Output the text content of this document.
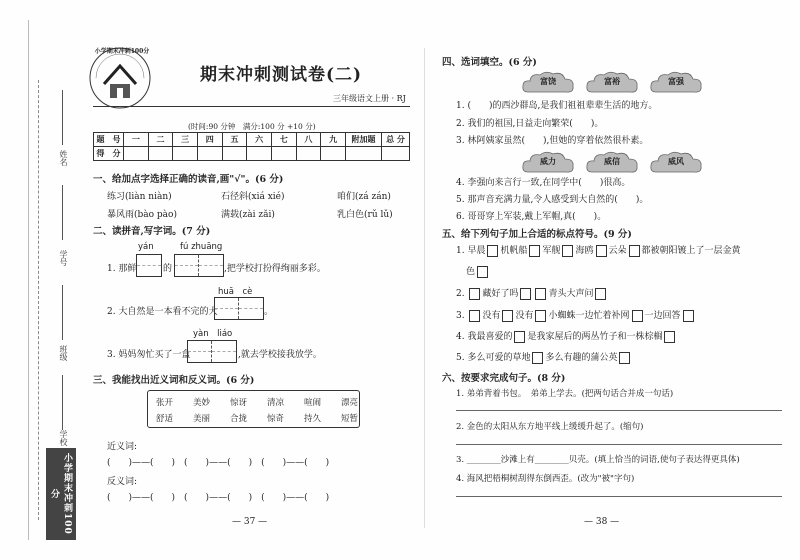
姓名
学号
班级
学校
小学期末冲刺100分
小学期末冲刺100分
期末冲刺测试卷(二)
三年级语文上册 · RJ
(时间:90 分钟　满分:100 分 +10 分)
题　号	一	二	三	四	五	六	七	八	九	附加题	总 分
得　分											
一、给加点字选择正确的读音,画"√"。(6 分)
练习(liàn niàn)	石径斜(xiá xié)	咱们(zá zán)
暴风雨(bào pào)	满载(zài zǎi)	乳白色(rǔ lǔ)
二、读拼音,写字词。(7 分)
yán	fú zhuāng
1. 那鲜	的	,把学校打扮得绚丽多彩。
huā　cè
2. 大自然是一本看不完的大	。
yàn　liáo
3. 妈妈匆忙买了一盒	,就去学校接我放学。
三、我能找出近义词和反义词。(6 分)
张开	美妙	惊讶	清凉	喧闹	漂亮
舒适	美丽	合拢	惊奇	持久	短暂
近义词:
(　　)——(　　)　(　　)——(　　)　(　　)——(　　)
反义词:
(　　)——(　　)　(　　)——(　　)　(　　)——(　　)
— 37 —
四、选词填空。(6 分)
富饶	富裕	富强
1. (　　)的西沙群岛,是我们祖祖辈辈生活的地方。
2. 我们的祖国,日益走向繁荣(　　)。
3. 林阿姨家虽然(　　),但她的穿着依然很朴素。
威力	威信	威风
4. 李强向来言行一致,在同学中(　　)很高。
5. 那声音充满力量,令人感受到大自然的(　　)。
6. 哥哥穿上军装,戴上军帽,真(　　)。
五、给下列句子加上合适的标点符号。(9 分)
1. 早晨 机帆船 军舰 海鸥 云朵 都被朝阳镀上了一层金黄
色
2. 藏好了吗	青头大声问
3. 没有 没有 小蜘蛛一边忙着补网 一边回答
4. 我最喜爱的 是我家屋后的两丛竹子和一株棕榈
5. 多么可爱的草地 多么有趣的蒲公英
六、按要求完成句子。(8 分)
1. 弟弟背着书包。　弟弟上学去。(把两句话合并成一句话)
2. 金色的太阳从东方地平线上缓缓升起了。(缩句)
3. ________沙滩上有________贝壳。(填上恰当的词语,使句子表达得更具体)
4. 海风把梧桐树刮得东倒西歪。(改为"被"字句)
— 38 —
